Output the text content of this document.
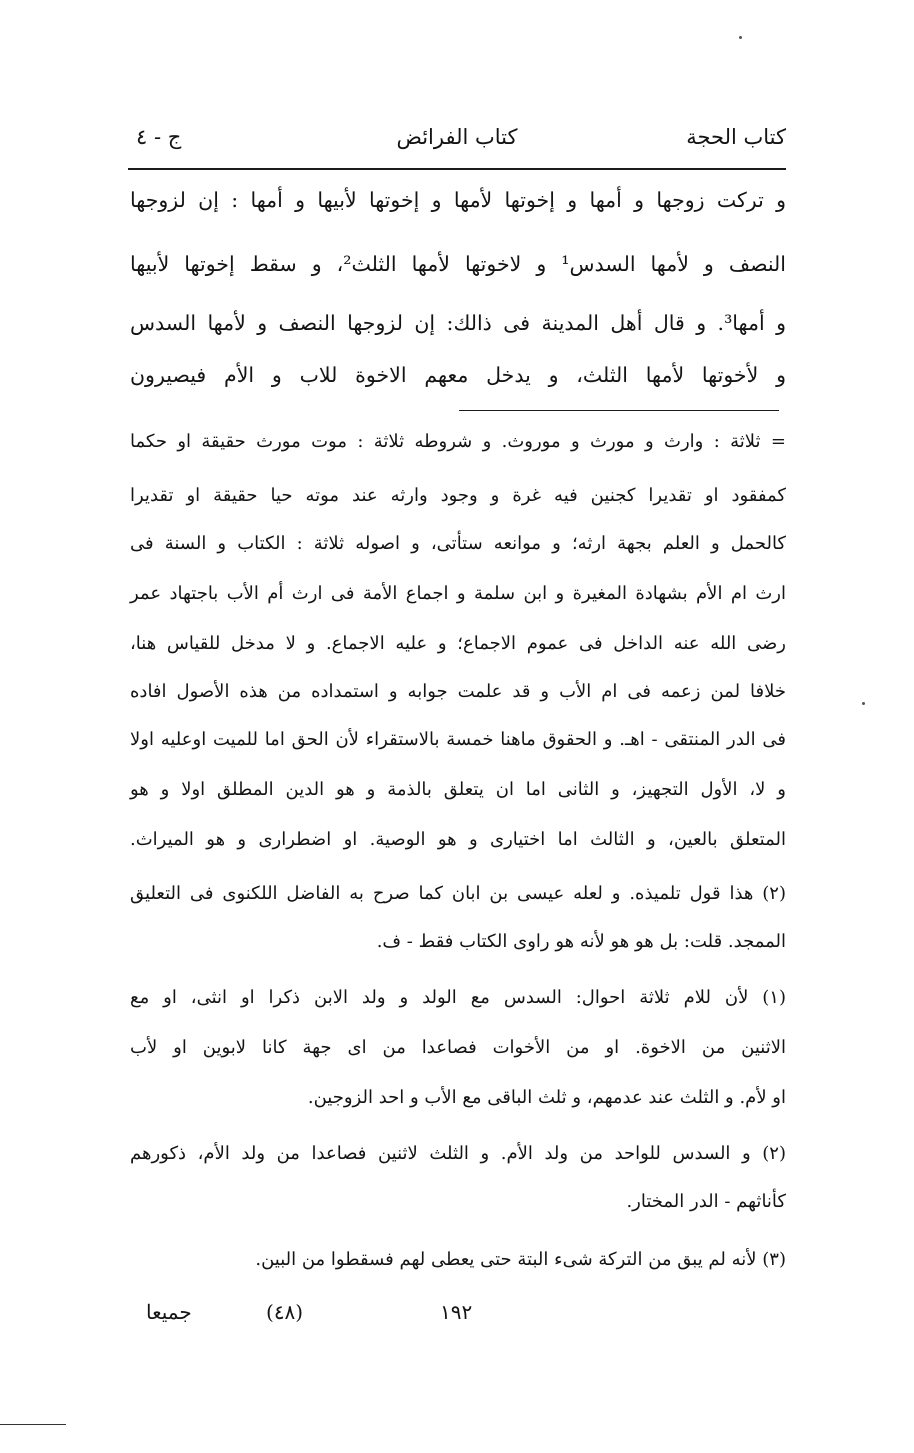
ج - ٤	كتاب الفرائض	كتاب الحجة
و تركت زوجها و أمها و إخوتها لأمها و إخوتها لأبيها و أمها : إن لزوجها
النصف و لأمها السدس¹ و لاخوتها لأمها الثلث²، و سقط إخوتها لأبيها
و أمها³. و قال أهل المدينة فى ذالك: إن لزوجها النصف و لأمها السدس
و لأخوتها لأمها الثلث، و يدخل معهم الاخوة للاب و الأم فيصيرون
= ثلاثة : وارث و مورث و موروث. و شروطه ثلاثة : موت مورث حقيقة او حكما
كمفقود او تقديرا كجنين فيه غرة و وجود وارثه عند موته حيا حقيقة او تقديرا
كالحمل و العلم بجهة ارثه؛ و موانعه ستأتى، و اصوله ثلاثة : الكتاب و السنة فى
ارث ام الأم بشهادة المغيرة و ابن سلمة و اجماع الأمة فى ارث أم الأب باجتهاد عمر
رضى الله عنه الداخل فى عموم الاجماع؛ و عليه الاجماع. و لا مدخل للقياس هنا،
خلافا لمن زعمه فى ام الأب و قد علمت جوابه و استمداده من هذه الأصول افاده
فى الدر المنتقى - اهـ. و الحقوق ماهنا خمسة بالاستقراء لأن الحق اما للميت اوعليه اولا
و لا، الأول التجهيز، و الثانى اما ان يتعلق بالذمة و هو الدين المطلق اولا و هو
المتعلق بالعين، و الثالث اما اختيارى و هو الوصية. او اضطرارى و هو الميراث.
(٢) هذا قول تلميذه. و لعله عيسى بن ابان كما صرح به الفاضل اللكنوى فى التعليق
الممجد. قلت: بل هو هو لأنه هو راوى الكتاب فقط - ف.
(١) لأن للام ثلاثة احوال: السدس مع الولد و ولد الابن ذكرا او انثى، او مع
الاثنين من الاخوة. او من الأخوات فصاعدا من اى جهة كانا لابوين او لأب
او لأم. و الثلث عند عدمهم، و ثلث الباقى مع الأب و احد الزوجين.
(٢) و السدس للواحد من ولد الأم. و الثلث لاثنين فصاعدا من ولد الأم، ذكورهم
كأناثهم - الدر المختار.
(٣) لأنه لم يبق من التركة شىء البتة حتى يعطى لهم فسقطوا من البين.
جميعا	(٤٨)	١٩٢
